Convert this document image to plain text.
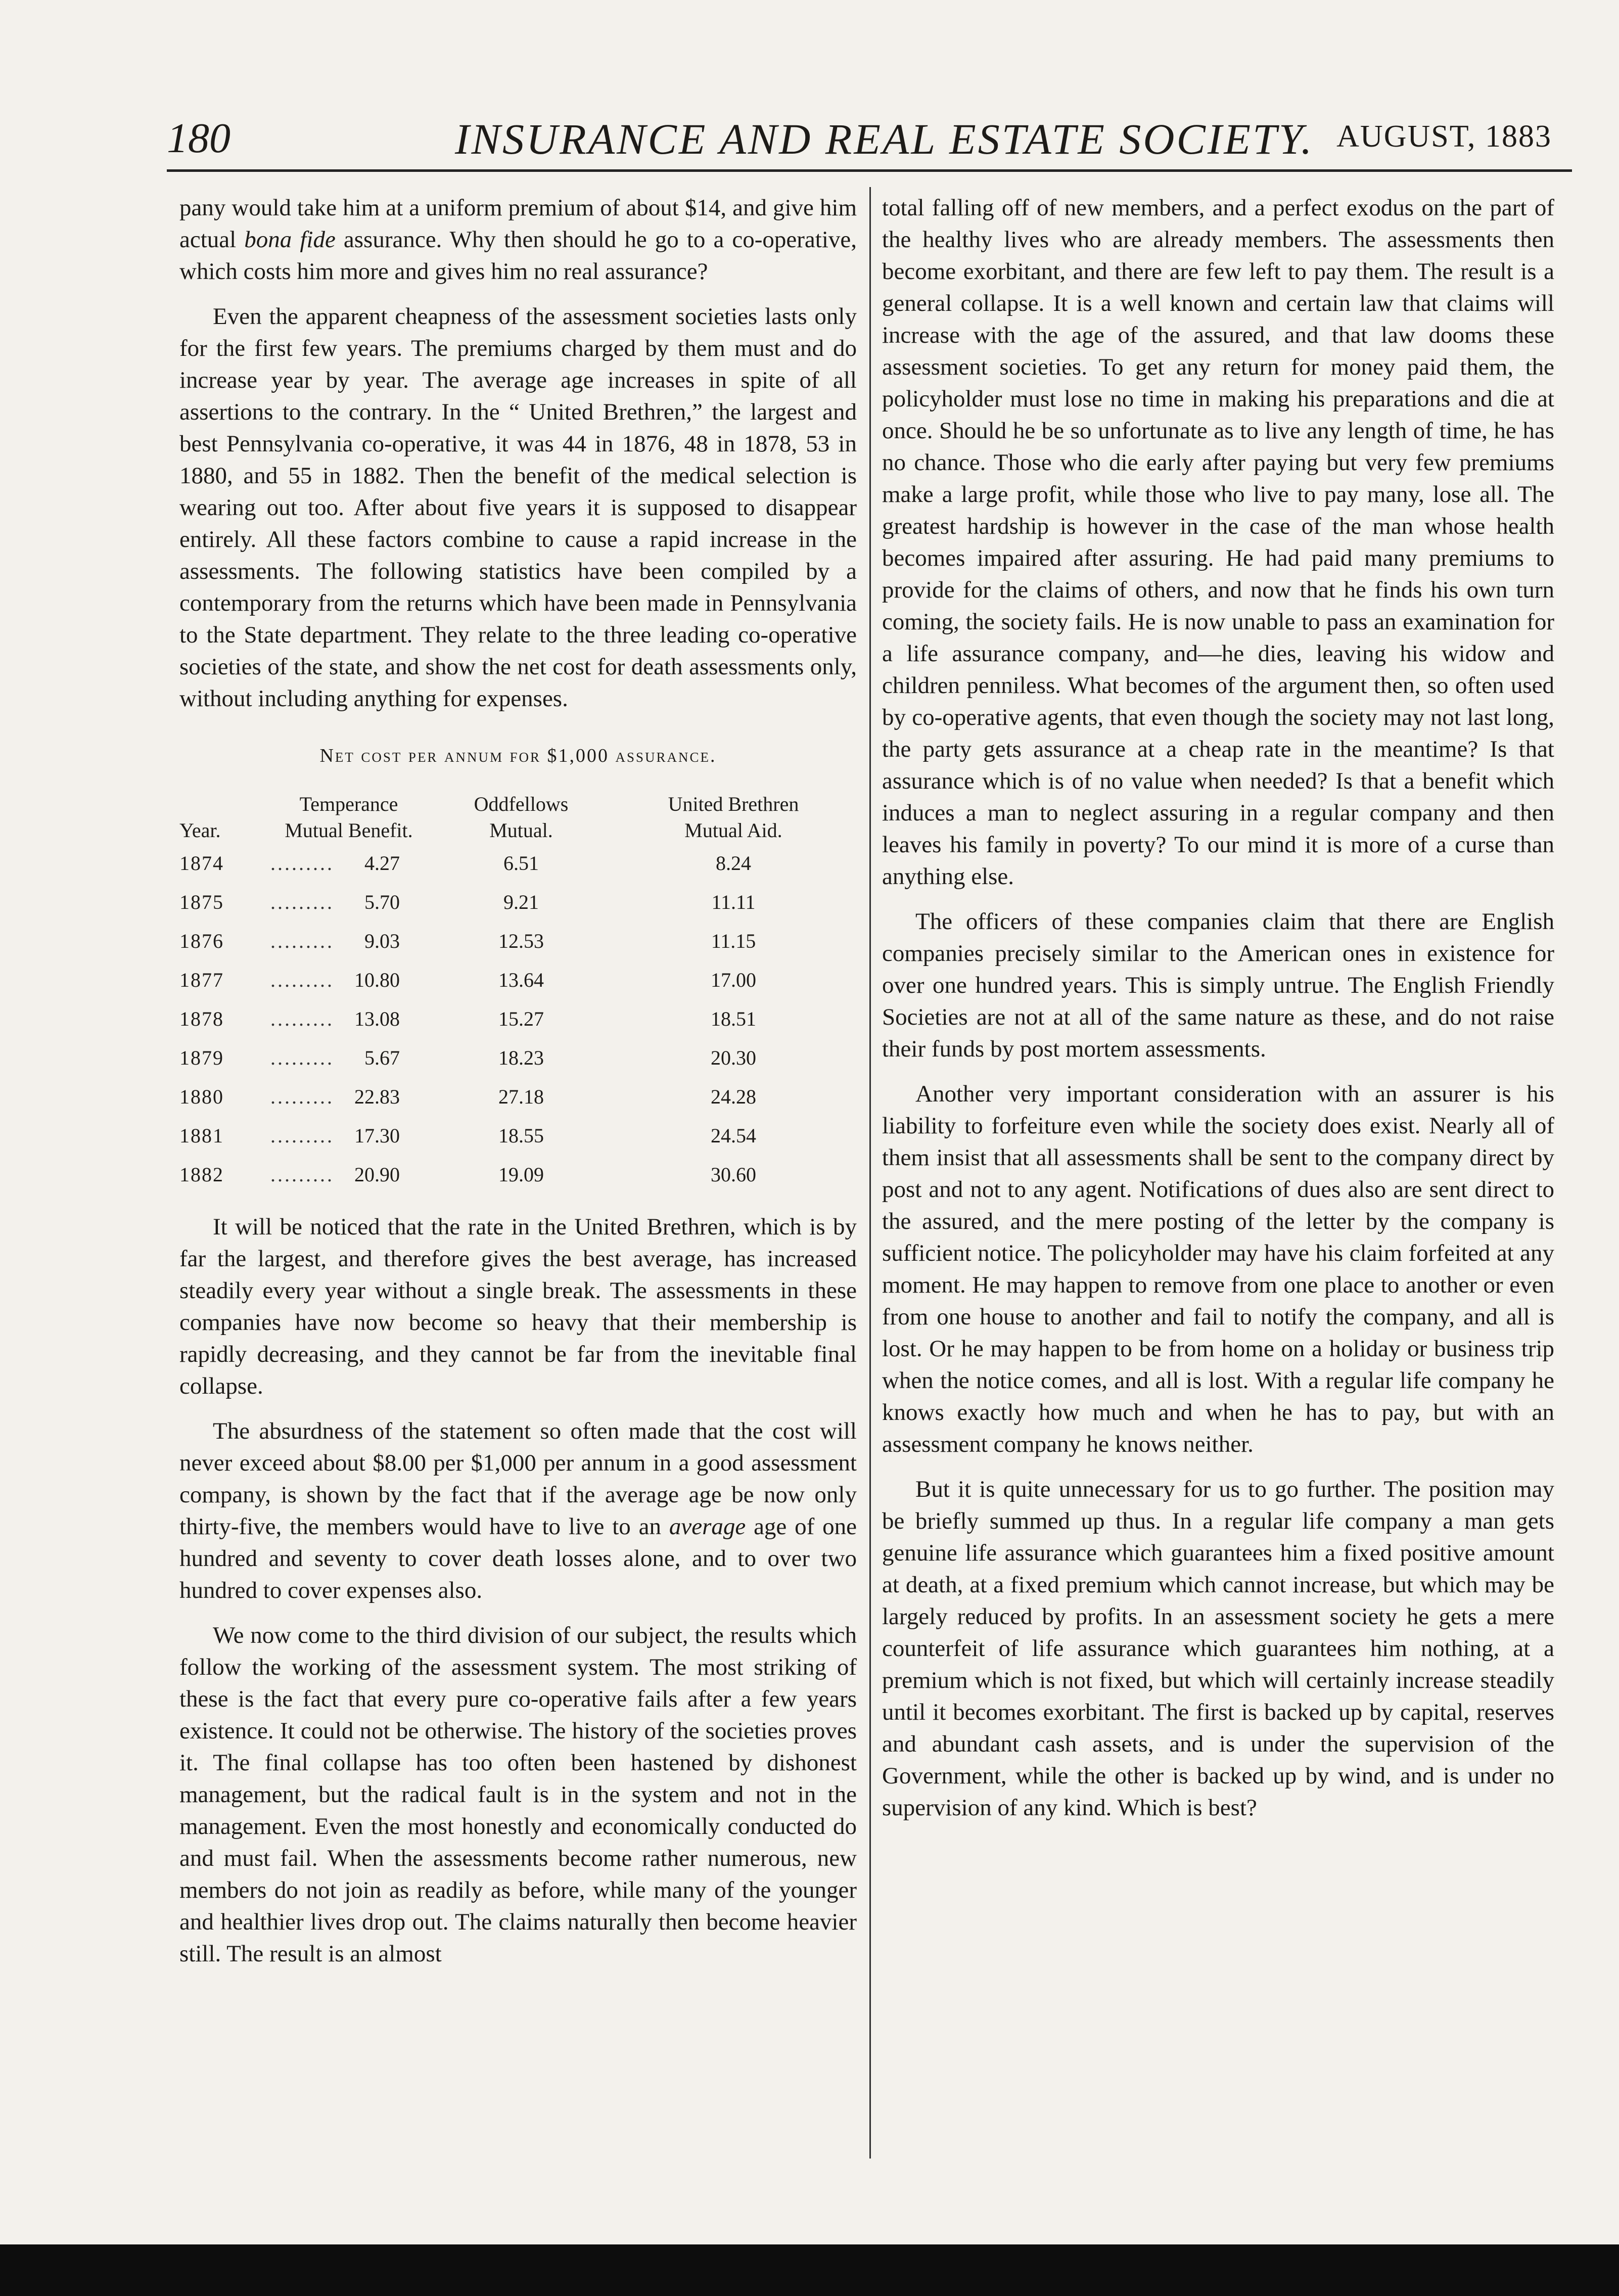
180	INSURANCE AND REAL ESTATE SOCIETY. AUGUST, 1883

pany would take him at a uniform premium of about $14, and give him actual bona fide assurance. Why then should he go to a co-operative, which costs him more and gives him no real assurance?

Even the apparent cheapness of the assessment societies lasts only for the first few years. The premiums charged by them must and do increase year by year. The average age increases in spite of all assertions to the contrary. In the “ United Brethren,” the largest and best Pennsylvania co-operative, it was 44 in 1876, 48 in 1878, 53 in 1880, and 55 in 1882. Then the benefit of the medical selection is wearing out too. After about five years it is supposed to disappear entirely. All these factors combine to cause a rapid increase in the assessments. The following statistics have been compiled by a contemporary from the returns which have been made in Pennsylvania to the State department. They relate to the three leading co-operative societies of the state, and show the net cost for death assessments only, without including anything for expenses.

Net cost per annum for $1,000 assurance.
	Temperance	Oddfellows	United Brethren
Year.	Mutual Benefit.	Mutual.	Mutual Aid.
1874	......... 4.27	6.51	8.24
1875	......... 5.70	9.21	11.11
1876	......... 9.03	12.53	11.15
1877	......... 10.80	13.64	17.00
1878	......... 13.08	15.27	18.51
1879	......... 5.67	18.23	20.30
1880	......... 22.83	27.18	24.28
1881	......... 17.30	18.55	24.54
1882	......... 20.90	19.09	30.60

It will be noticed that the rate in the United Brethren, which is by far the largest, and therefore gives the best average, has increased steadily every year without a single break. The assessments in these companies have now become so heavy that their membership is rapidly decreasing, and they cannot be far from the inevitable final collapse.

The absurdness of the statement so often made that the cost will never exceed about $8.00 per $1,000 per annum in a good assessment company, is shown by the fact that if the average age be now only thirty-five, the members would have to live to an average age of one hundred and seventy to cover death losses alone, and to over two hundred to cover expenses also.

We now come to the third division of our subject, the results which follow the working of the assessment system. The most striking of these is the fact that every pure co-operative fails after a few years existence. It could not be otherwise. The history of the societies proves it. The final collapse has too often been hastened by dishonest management, but the radical fault is in the system and not in the management. Even the most honestly and economically conducted do and must fail. When the assessments become rather numerous, new members do not join as readily as before, while many of the younger and healthier lives drop out. The claims naturally then become heavier still. The result is an almost

total falling off of new members, and a perfect exodus on the part of the healthy lives who are already members. The assessments then become exorbitant, and there are few left to pay them. The result is a general collapse. It is a well known and certain law that claims will increase with the age of the assured, and that law dooms these assessment societies. To get any return for money paid them, the policyholder must lose no time in making his preparations and die at once. Should he be so unfortunate as to live any length of time, he has no chance. Those who die early after paying but very few premiums make a large profit, while those who live to pay many, lose all. The greatest hardship is however in the case of the man whose health becomes impaired after assuring. He had paid many premiums to provide for the claims of others, and now that he finds his own turn coming, the society fails. He is now unable to pass an examination for a life assurance company, and—he dies, leaving his widow and children penniless. What becomes of the argument then, so often used by co-operative agents, that even though the society may not last long, the party gets assurance at a cheap rate in the meantime? Is that assurance which is of no value when needed? Is that a benefit which induces a man to neglect assuring in a regular company and then leaves his family in poverty? To our mind it is more of a curse than anything else.

The officers of these companies claim that there are English companies precisely similar to the American ones in existence for over one hundred years. This is simply untrue. The English Friendly Societies are not at all of the same nature as these, and do not raise their funds by post mortem assessments.

Another very important consideration with an assurer is his liability to forfeiture even while the society does exist. Nearly all of them insist that all assessments shall be sent to the company direct by post and not to any agent. Notifications of dues also are sent direct to the assured, and the mere posting of the letter by the company is sufficient notice. The policyholder may have his claim forfeited at any moment. He may happen to remove from one place to another or even from one house to another and fail to notify the company, and all is lost. Or he may happen to be from home on a holiday or business trip when the notice comes, and all is lost. With a regular life company he knows exactly how much and when he has to pay, but with an assessment company he knows neither.

But it is quite unnecessary for us to go further. The position may be briefly summed up thus. In a regular life company a man gets genuine life assurance which guarantees him a fixed positive amount at death, at a fixed premium which cannot increase, but which may be largely reduced by profits. In an assessment society he gets a mere counterfeit of life assurance which guarantees him nothing, at a premium which is not fixed, but which will certainly increase steadily until it becomes exorbitant. The first is backed up by capital, reserves and abundant cash assets, and is under the supervision of the Government, while the other is backed up by wind, and is under no supervision of any kind. Which is best?
